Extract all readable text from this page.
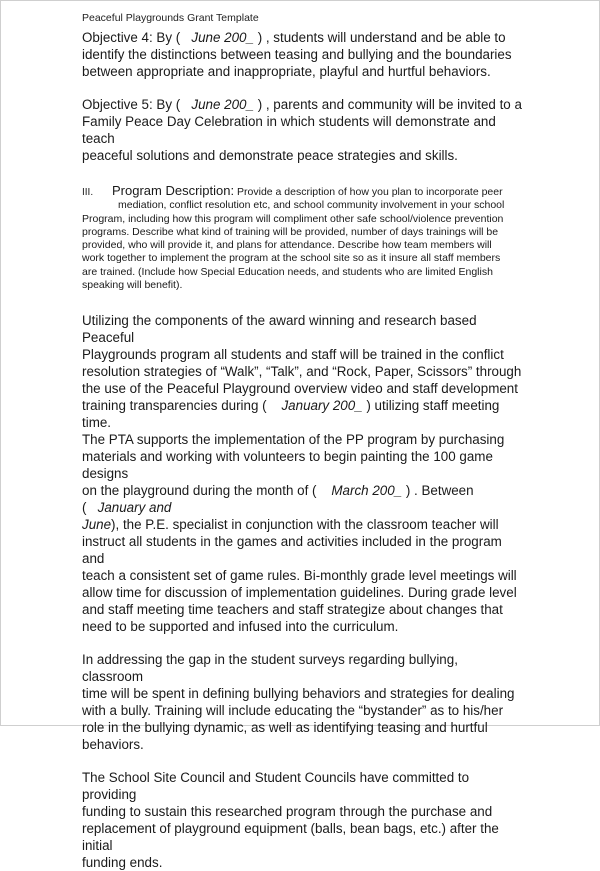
Peaceful Playgrounds Grant Template

Objective 4: By ( June 200_ ) , students will understand and be able to

identify the distinctions between teasing and bullying and the boundaries

between appropriate and inappropriate, playful and hurtful behaviors.

Objective 5: By ( June 200_ ) , parents and community will be invited to a

Family Peace Day Celebration in which students will demonstrate and teach

peaceful solutions and demonstrate peace strategies and skills.

III. Program Description: Provide a description of how you plan to incorporate peer
mediation, conflict resolution etc, and school community involvement in your school
Program, including how this program will compliment other safe school/violence prevention
programs. Describe what kind of training will be provided, number of days trainings will be
provided, who will provide it, and plans for attendance. Describe how team members will
work together to implement the program at the school site so as it insure all staff members
are trained. (Include how Special Education needs, and students who are limited English
speaking will benefit).

Utilizing the components of the award winning and research based Peaceful

Playgrounds program all students and staff will be trained in the conflict

resolution strategies of “Walk”, “Talk”, and “Rock, Paper, Scissors” through

the use of the Peaceful Playground overview video and staff development

training transparencies during ( January 200_ ) utilizing staff meeting time.

The PTA supports the implementation of the PP program by purchasing

materials and working with volunteers to begin painting the 100 game designs

on the playground during the month of ( March 200_ ) . Between ( January and

June), the P.E. specialist in conjunction with the classroom teacher will

instruct all students in the games and activities included in the program and

teach a consistent set of game rules. Bi-monthly grade level meetings will

allow time for discussion of implementation guidelines. During grade level

and staff meeting time teachers and staff strategize about changes that

need to be supported and infused into the curriculum.

In addressing the gap in the student surveys regarding bullying, classroom

time will be spent in defining bullying behaviors and strategies for dealing

with a bully. Training will include educating the “bystander” as to his/her

role in the bullying dynamic, as well as identifying teasing and hurtful

behaviors.

The School Site Council and Student Councils have committed to providing

funding to sustain this researched program through the purchase and

replacement of playground equipment (balls, bean bags, etc.) after the initial

funding ends.
